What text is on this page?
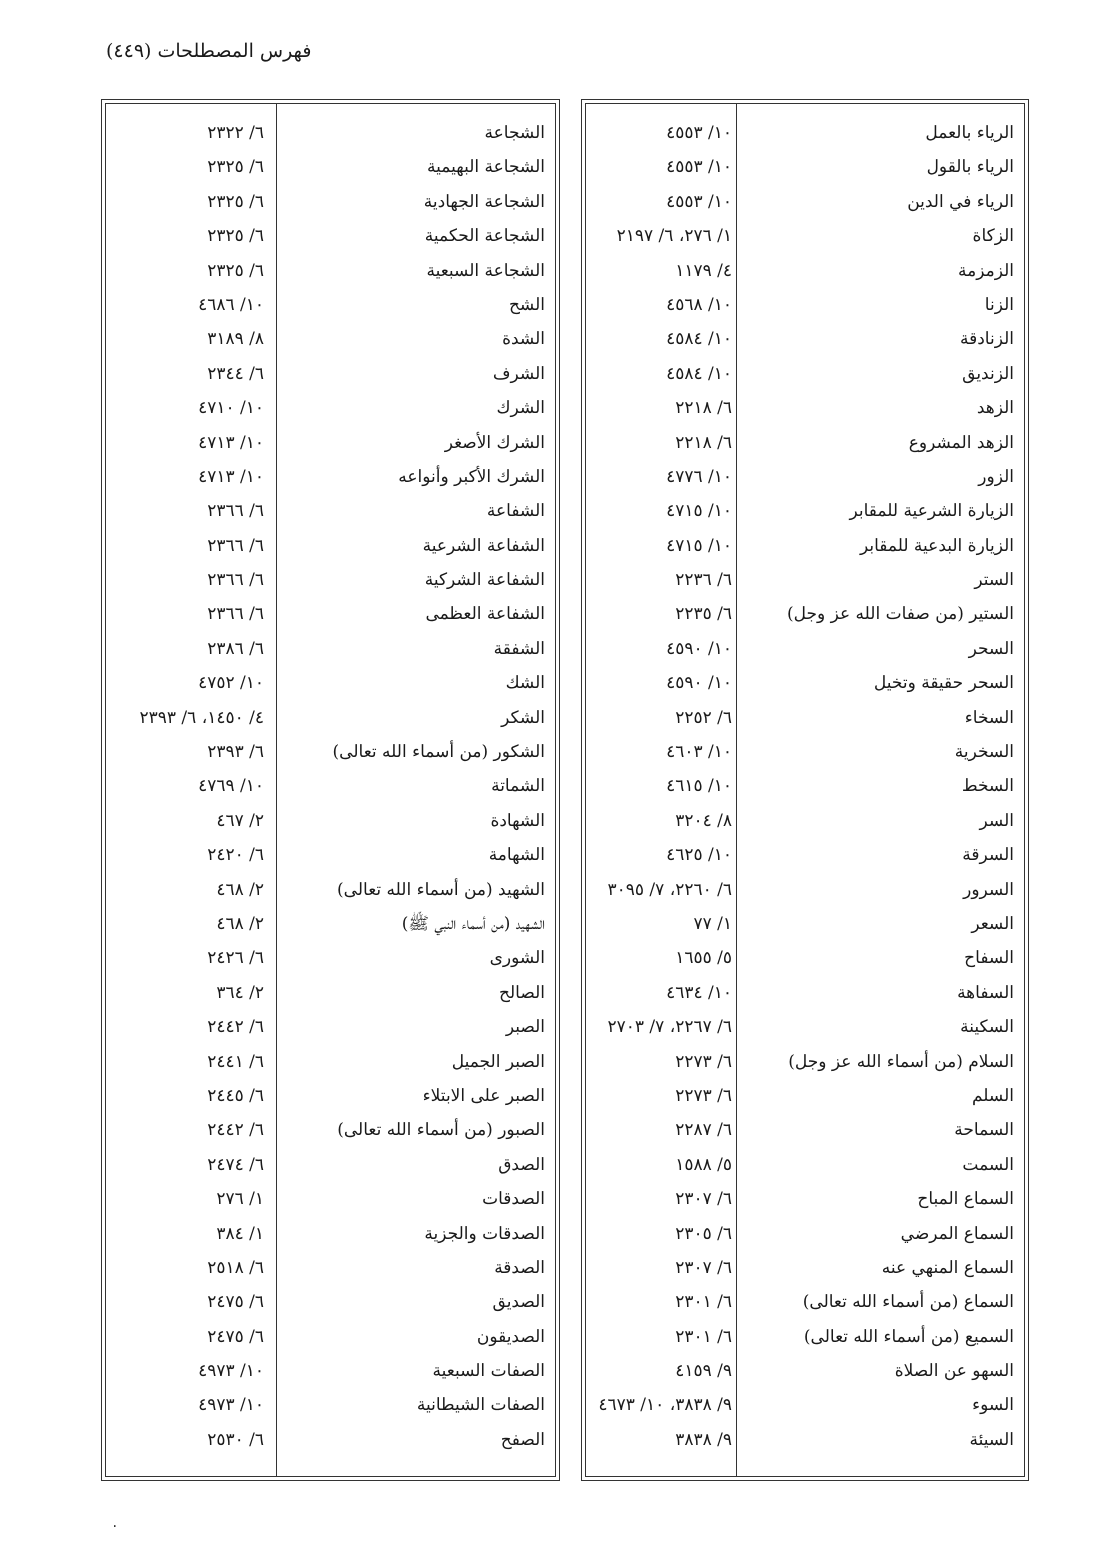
فهرس المصطلحات (٤٤٩)
الشجاعة
٦/ ٢٣٢٢
الشجاعة البهيمية
٦/ ٢٣٢٥
الشجاعة الجهادية
٦/ ٢٣٢٥
الشجاعة الحكمية
٦/ ٢٣٢٥
الشجاعة السبعية
٦/ ٢٣٢٥
الشح
١٠/ ٤٦٨٦
الشدة
٨/ ٣١٨٩
الشرف
٦/ ٢٣٤٤
الشرك
١٠/ ٤٧١٠
الشرك الأصغر
١٠/ ٤٧١٣
الشرك الأكبر وأنواعه
١٠/ ٤٧١٣
الشفاعة
٦/ ٢٣٦٦
الشفاعة الشرعية
٦/ ٢٣٦٦
الشفاعة الشركية
٦/ ٢٣٦٦
الشفاعة العظمى
٦/ ٢٣٦٦
الشفقة
٦/ ٢٣٨٦
الشك
١٠/ ٤٧٥٢
الشكر
٤/ ١٤٥٠، ٦/ ٢٣٩٣
الشكور (من أسماء الله تعالى)
٦/ ٢٣٩٣
الشماتة
١٠/ ٤٧٦٩
الشهادة
٢/ ٤٦٧
الشهامة
٦/ ٢٤٢٠
الشهيد (من أسماء الله تعالى)
٢/ ٤٦٨
الشهيد (من أسماء النبي ﷺ)
٢/ ٤٦٨
الشورى
٦/ ٢٤٢٦
الصالح
٢/ ٣٦٤
الصبر
٦/ ٢٤٤٢
الصبر الجميل
٦/ ٢٤٤١
الصبر على الابتلاء
٦/ ٢٤٤٥
الصبور (من أسماء الله تعالى)
٦/ ٢٤٤٢
الصدق
٦/ ٢٤٧٤
الصدقات
١/ ٢٧٦
الصدقات والجزية
١/ ٣٨٤
الصدقة
٦/ ٢٥١٨
الصديق
٦/ ٢٤٧٥
الصديقون
٦/ ٢٤٧٥
الصفات السبعية
١٠/ ٤٩٧٣
الصفات الشيطانية
١٠/ ٤٩٧٣
الصفح
٦/ ٢٥٣٠
الرياء بالعمل
١٠/ ٤٥٥٣
الرياء بالقول
١٠/ ٤٥٥٣
الرياء في الدين
١٠/ ٤٥٥٣
الزكاة
١/ ٢٧٦، ٦/ ٢١٩٧
الزمزمة
٤/ ١١٧٩
الزنا
١٠/ ٤٥٦٨
الزنادقة
١٠/ ٤٥٨٤
الزنديق
١٠/ ٤٥٨٤
الزهد
٦/ ٢٢١٨
الزهد المشروع
٦/ ٢٢١٨
الزور
١٠/ ٤٧٧٦
الزيارة الشرعية للمقابر
١٠/ ٤٧١٥
الزيارة البدعية للمقابر
١٠/ ٤٧١٥
الستر
٦/ ٢٢٣٦
الستير (من صفات الله عز وجل)
٦/ ٢٢٣٥
السحر
١٠/ ٤٥٩٠
السحر حقيقة وتخيل
١٠/ ٤٥٩٠
السخاء
٦/ ٢٢٥٢
السخرية
١٠/ ٤٦٠٣
السخط
١٠/ ٤٦١٥
السر
٨/ ٣٢٠٤
السرقة
١٠/ ٤٦٢٥
السرور
٦/ ٢٢٦٠، ٧/ ٣٠٩٥
السعر
١/ ٧٧
السفاح
٥/ ١٦٥٥
السفاهة
١٠/ ٤٦٣٤
السكينة
٦/ ٢٢٦٧، ٧/ ٢٧٠٣
السلام (من أسماء الله عز وجل)
٦/ ٢٢٧٣
السلم
٦/ ٢٢٧٣
السماحة
٦/ ٢٢٨٧
السمت
٥/ ١٥٨٨
السماع المباح
٦/ ٢٣٠٧
السماع المرضي
٦/ ٢٣٠٥
السماع المنهي عنه
٦/ ٢٣٠٧
السماع (من أسماء الله تعالى)
٦/ ٢٣٠١
السميع (من أسماء الله تعالى)
٦/ ٢٣٠١
السهو عن الصلاة
٩/ ٤١٥٩
السوء
٩/ ٣٨٣٨، ١٠/ ٤٦٧٣
السيئة
٩/ ٣٨٣٨
٠
